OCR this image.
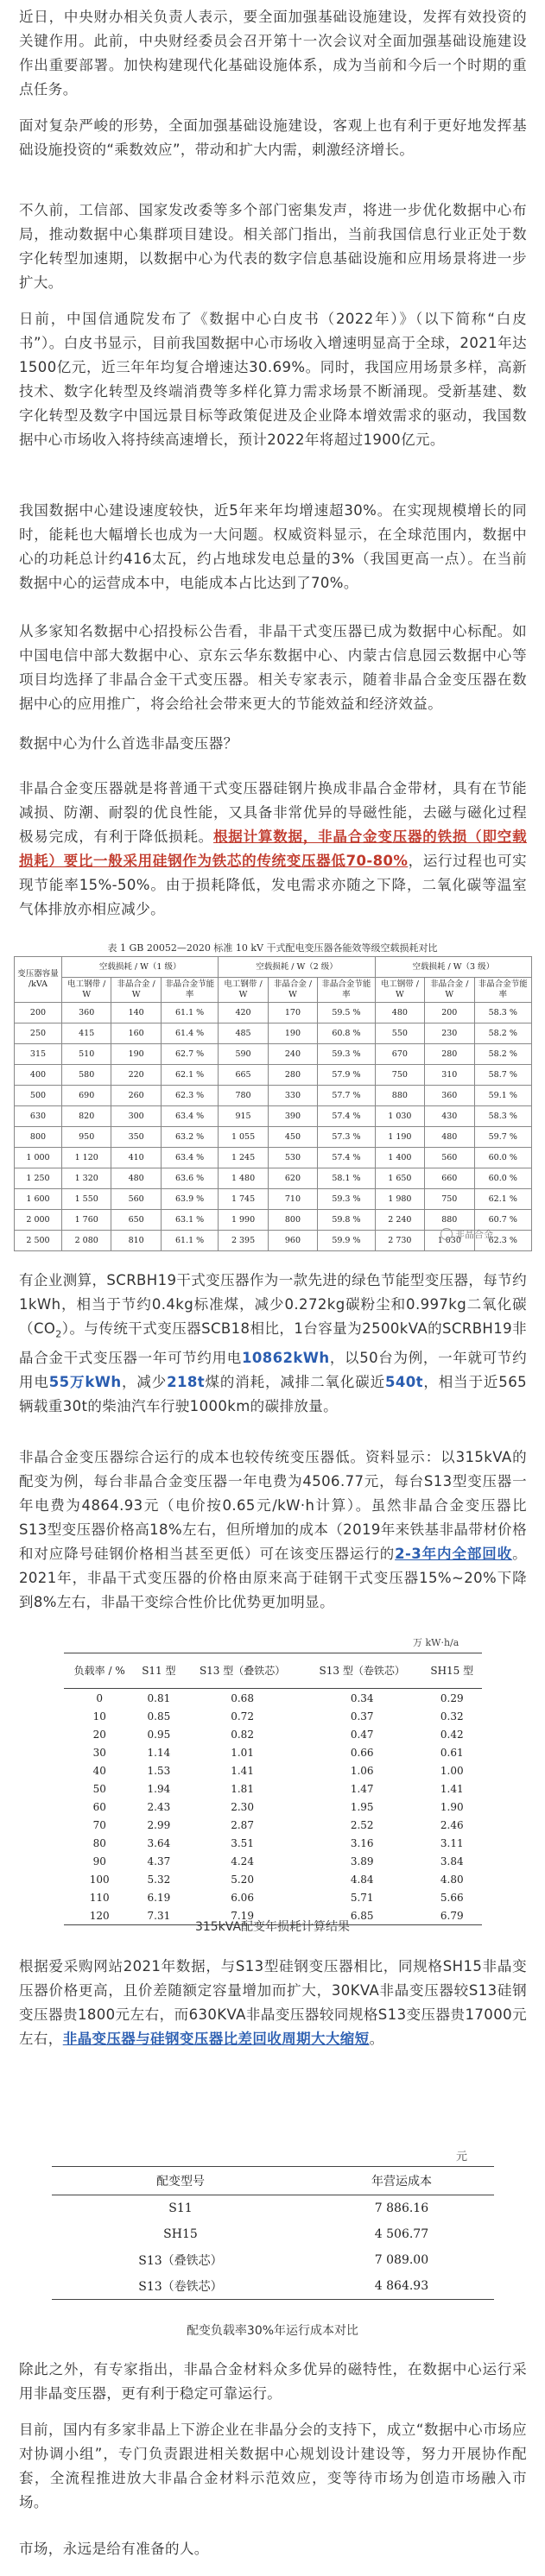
近日，中央财办相关负责人表示，要全面加强基础设施建设，发挥有效投资的关键作用。此前，中央财经委员会召开第十一次会议对全面加强基础设施建设作出重要部署。加快构建现代化基础设施体系，成为当前和今后一个时期的重点任务。

面对复杂严峻的形势，全面加强基础设施建设，客观上也有利于更好地发挥基础设施投资的“乘数效应”，带动和扩大内需，刺激经济增长。

不久前，工信部、国家发改委等多个部门密集发声，将进一步优化数据中心布局，推动数据中心集群项目建设。相关部门指出，当前我国信息行业正处于数字化转型加速期，以数据中心为代表的数字信息基础设施和应用场景将进一步扩大。

日前，中国信通院发布了《数据中心白皮书（2022年）》（以下简称“白皮书”）。白皮书显示，目前我国数据中心市场收入增速明显高于全球，2021年达1500亿元，近三年年均复合增速达30.69%。同时，我国应用场景多样，高新技术、数字化转型及终端消费等多样化算力需求场景不断涌现。受新基建、数字化转型及数字中国远景目标等政策促进及企业降本增效需求的驱动，我国数据中心市场收入将持续高速增长，预计2022年将超过1900亿元。

我国数据中心建设速度较快，近5年来年均增速超30%。在实现规模增长的同时，能耗也大幅增长也成为一大问题。权威资料显示，在全球范围内，数据中心的功耗总计约416太瓦，约占地球发电总量的3%（我国更高一点）。在当前数据中心的运营成本中，电能成本占比达到了70%。

从多家知名数据中心招投标公告看，非晶干式变压器已成为数据中心标配。如中国电信中部大数据中心、京东云华东数据中心、内蒙古信息园云数据中心等项目均选择了非晶合金干式变压器。相关专家表示，随着非晶合金变压器在数据中心的应用推广，将会给社会带来更大的节能效益和经济效益。

数据中心为什么首选非晶变压器？

非晶合金变压器就是将普通干式变压器硅钢片换成非晶合金带材，具有在节能减损、防潮、耐裂的优良性能，又具备非常优异的导磁性能，去磁与磁化过程极易完成，有利于降低损耗。根据计算数据，非晶合金变压器的铁损（即空载损耗）要比一般采用硅钢作为铁芯的传统变压器低70-80%，运行过程也可实现节能率15%-50%。由于损耗降低，发电需求亦随之下降，二氧化碳等温室气体排放亦相应减少。

表 1 GB 20052—2020 标准 10 kV 干式配电变压器各能效等级空载损耗对比
变压器容量 /kVA	空载损耗 / W（1 级）			空载损耗 / W（2 级）			空载损耗 / W（3 级）		
	电工钢带 / W	非晶合金 / W	非晶合金节能率	电工钢带 / W	非晶合金 / W	非晶合金节能率	电工钢带 / W	非晶合金 / W	非晶合金节能率
200	360	140	61.1 %	420	170	59.5 %	480	200	58.3 %
250	415	160	61.4 %	485	190	60.8 %	550	230	58.2 %
315	510	190	62.7 %	590	240	59.3 %	670	280	58.2 %
400	580	220	62.1 %	665	280	57.9 %	750	310	58.7 %
500	690	260	62.3 %	780	330	57.7 %	880	360	59.1 %
630	820	300	63.4 %	915	390	57.4 %	1 030	430	58.3 %
800	950	350	63.2 %	1 055	450	57.3 %	1 190	480	59.7 %
1 000	1 120	410	63.4 %	1 245	530	57.4 %	1 400	560	60.0 %
1 250	1 320	480	63.6 %	1 480	620	58.1 %	1 650	660	60.0 %
1 600	1 550	560	63.9 %	1 745	710	59.3 %	1 980	750	62.1 %
2 000	1 760	650	63.1 %	1 990	800	59.8 %	2 240	880	60.7 %
2 500	2 080	810	61.1 %	2 395	960	59.9 %	2 730	1 030	62.3 %
非晶合金

有企业测算，SCRBH19干式变压器作为一款先进的绿色节能型变压器，每节约1kWh，相当于节约0.4kg标准煤，减少0.272kg碳粉尘和0.997kg二氧化碳$(CO_2)$。与传统干式变压器SCB18相比，1台容量为2500kVA的SCRBH19非晶合金干式变压器一年可节约用电10862kWh，以50台为例，一年就可节约用电55万kWh，减少218t煤的消耗，减排二氧化碳近540t，相当于近565辆载重30t的柴油汽车行驶1000km的碳排放量。

非晶合金变压器综合运行的成本也较传统变压器低。资料显示：以315kVA的配变为例，每台非晶合金变压器一年电费为4506.77元，每台S13型变压器一年电费为4864.93元（电价按0.65元/kW·h计算）。虽然非晶合金变压器比S13型变压器价格高18%左右，但所增加的成本（2019年来铁基非晶带材价格和对应降号硅钢价格相当甚至更低）可在该变压器运行的2-3年内全部回收。2021年，非晶干式变压器的价格由原来高于硅钢干式变压器15%~20%下降到8%左右，非晶干变综合性价比优势更加明显。

万 kW·h/a
负载率 / %	S11 型	S13 型（叠铁芯）	S13 型（卷铁芯）	SH15 型
0	0.81	0.68	0.34	0.29
10	0.85	0.72	0.37	0.32
20	0.95	0.82	0.47	0.42
30	1.14	1.01	0.66	0.61
40	1.53	1.41	1.06	1.00
50	1.94	1.81	1.47	1.41
60	2.43	2.30	1.95	1.90
70	2.99	2.87	2.52	2.46
80	3.64	3.51	3.16	3.11
90	4.37	4.24	3.89	3.84
100	5.32	5.20	4.84	4.80
110	6.19	6.06	5.71	5.66
120	7.31	7.19	6.85	6.79
315kVA配变年损耗计算结果

根据爱采购网站2021年数据，与S13型硅钢变压器相比，同规格SH15非晶变压器价格更高，且价差随额定容量增加而扩大，30KVA非晶变压器较S13硅钢变压器贵1800元左右，而630KVA非晶变压器较同规格S13变压器贵17000元左右，非晶变压器与硅钢变压器比差回收周期大大缩短。

元
配变型号	年营运成本
S11	7 886.16
SH15	4 506.77
S13（叠铁芯）	7 089.00
S13（卷铁芯）	4 864.93
配变负载率30%年运行成本对比

除此之外，有专家指出，非晶合金材料众多优异的磁特性，在数据中心运行采用非晶变压器，更有利于稳定可靠运行。

目前，国内有多家非晶上下游企业在非晶分会的支持下，成立“数据中心市场应对协调小组”，专门负责跟进相关数据中心规划设计建设等，努力开展协作配套，全流程推进放大非晶合金材料示范效应，变等待市场为创造市场融入市场。

市场，永远是给有准备的人。
